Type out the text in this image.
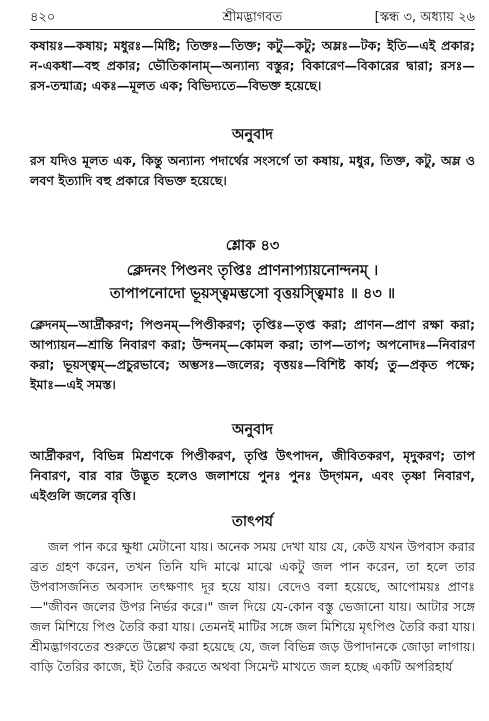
৪২০	শ্রীমদ্ভাগবত	[স্কন্ধ ৩, অধ্যায় ২৬
কষায়ঃ—কষায়; মধুরঃ—মিষ্টি; তিক্তঃ—তিক্ত; কটু—কটু; অম্লঃ—টক; ইতি—এই প্রকার; ন-একধা—বহু প্রকার; ভৌতিকানাম্—অন্যান্য বস্তুর; বিকারেণ—বিকারের দ্বারা; রসঃ—রস-তন্মাত্র; একঃ—মূলত এক; বিভিদ্যতে—বিভক্ত হয়েছে।
অনুবাদ
রস যদিও মূলত এক, কিন্তু অন্যান্য পদার্থের সংসর্গে তা কষায়, মধুর, তিক্ত, কটু, অম্ল ও লবণ ইত্যাদি বহু প্রকারে বিভক্ত হয়েছে।
শ্লোক ৪৩
ক্লেদনং পিণ্ডনং তৃপ্তিঃ প্রাণনাপ্যায়নোন্দনম্ ।
তাপাপনোদো ভূয়স্ত্বমম্ভসো বৃত্তয়স্ত্বিমাঃ ॥ ৪৩ ॥
ক্লেদনম্—আর্দ্রীকরণ; পিণ্ডনম্—পিণ্ডীকরণ; তৃপ্তিঃ—তৃপ্ত করা; প্রাণন—প্রাণ রক্ষা করা; আপ্যায়ন—শ্রান্তি নিবারণ করা; উন্দনম্—কোমল করা; তাপ—তাপ; অপনোদঃ—নিবারণ করা; ভূয়স্ত্বম্—প্রচুরভাবে; অম্ভসঃ—জলের; বৃত্তয়ঃ—বিশিষ্ট কার্য; তু—প্রকৃত পক্ষে; ইমাঃ—এই সমস্ত।
অনুবাদ
আর্দ্রীকরণ, বিভিন্ন মিশ্রণকে পিণ্ডীকরণ, তৃপ্তি উৎপাদন, জীবিতকরণ, মৃদুকরণ; তাপ নিবারণ, বার বার উদ্ভূত হলেও জলাশয়ে পুনঃ পুনঃ উদ্‌গমন, এবং তৃষ্ণা নিবারণ, এইগুলি জলের বৃত্তি।
তাৎপর্য
জল পান করে ক্ষুধা মেটানো যায়। অনেক সময় দেখা যায় যে, কেউ যখন উপবাস করার ব্রত গ্রহণ করেন, তখন তিনি যদি মাঝে মাঝে একটু জল পান করেন, তা হলে তার উপবাসজনিত অবসাদ তৎক্ষণাৎ দূর হয়ে যায়। বেদেও বলা হয়েছে, আপোময়ঃ প্রাণঃ—"জীবন জলের উপর নির্ভর করে।" জল দিয়ে যে-কোন বস্তু ভেজানো যায়। আটার সঙ্গে জল মিশিয়ে পিণ্ড তৈরি করা যায়। তেমনই মাটির সঙ্গে জল মিশিয়ে মৃৎপিণ্ড তৈরি করা যায়। শ্রীমদ্ভাগবতের শুরুতে উল্লেখ করা হয়েছে যে, জল বিভিন্ন জড় উপাদানকে জোড়া লাগায়। বাড়ি তৈরির কাজে, ইট তৈরি করতে অথবা সিমেন্ট মাখতে জল হচ্ছে একটি অপরিহার্য
